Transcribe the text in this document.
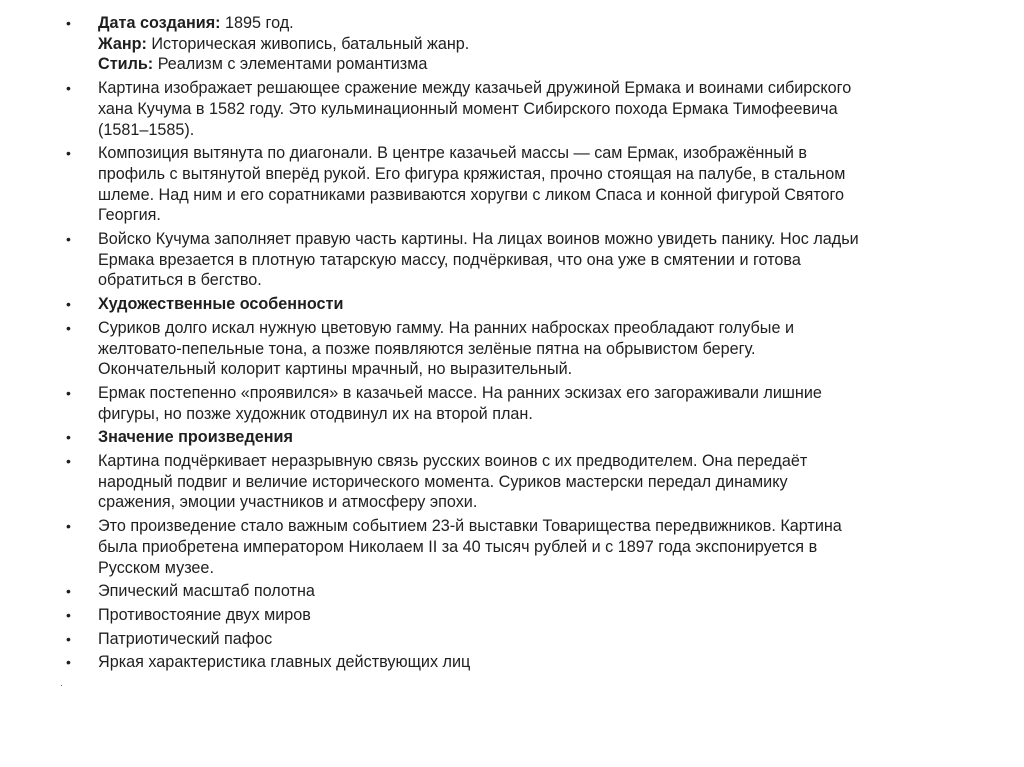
•	Дата создания: 1895 год.
Жанр: Историческая живопись, батальный жанр.
Стиль: Реализм с элементами романтизма
•	Картина изображает решающее сражение между казачьей дружиной Ермака и воинами сибирского
хана Кучума в 1582 году. Это кульминационный момент Сибирского похода Ермака Тимофеевича
(1581–1585).
•	Композиция вытянута по диагонали. В центре казачьей массы — сам Ермак, изображённый в
профиль с вытянутой вперёд рукой. Его фигура кряжистая, прочно стоящая на палубе, в стальном
шлеме. Над ним и его соратниками развиваются хоругви с ликом Спаса и конной фигурой Святого
Георгия.
•	Войско Кучума заполняет правую часть картины. На лицах воинов можно увидеть панику. Нос ладьи
Ермака врезается в плотную татарскую массу, подчёркивая, что она уже в смятении и готова
обратиться в бегство.
•	Художественные особенности
•	Суриков долго искал нужную цветовую гамму. На ранних набросках преобладают голубые и
желтовато-пепельные тона, а позже появляются зелёные пятна на обрывистом берегу.
Окончательный колорит картины мрачный, но выразительный.
•	Ермак постепенно «проявился» в казачьей массе. На ранних эскизах его загораживали лишние
фигуры, но позже художник отодвинул их на второй план.
•	Значение произведения
•	Картина подчёркивает неразрывную связь русских воинов с их предводителем. Она передаёт
народный подвиг и величие исторического момента. Суриков мастерски передал динамику
сражения, эмоции участников и атмосферу эпохи.
•	Это произведение стало важным событием 23-й выставки Товарищества передвижников. Картина
была приобретена императором Николаем II за 40 тысяч рублей и с 1897 года экспонируется в
Русском музее.
•	Эпический масштаб полотна
•	Противостояние двух миров
•	Патриотический пафос
•	Яркая характеристика главных действующих лиц
.
